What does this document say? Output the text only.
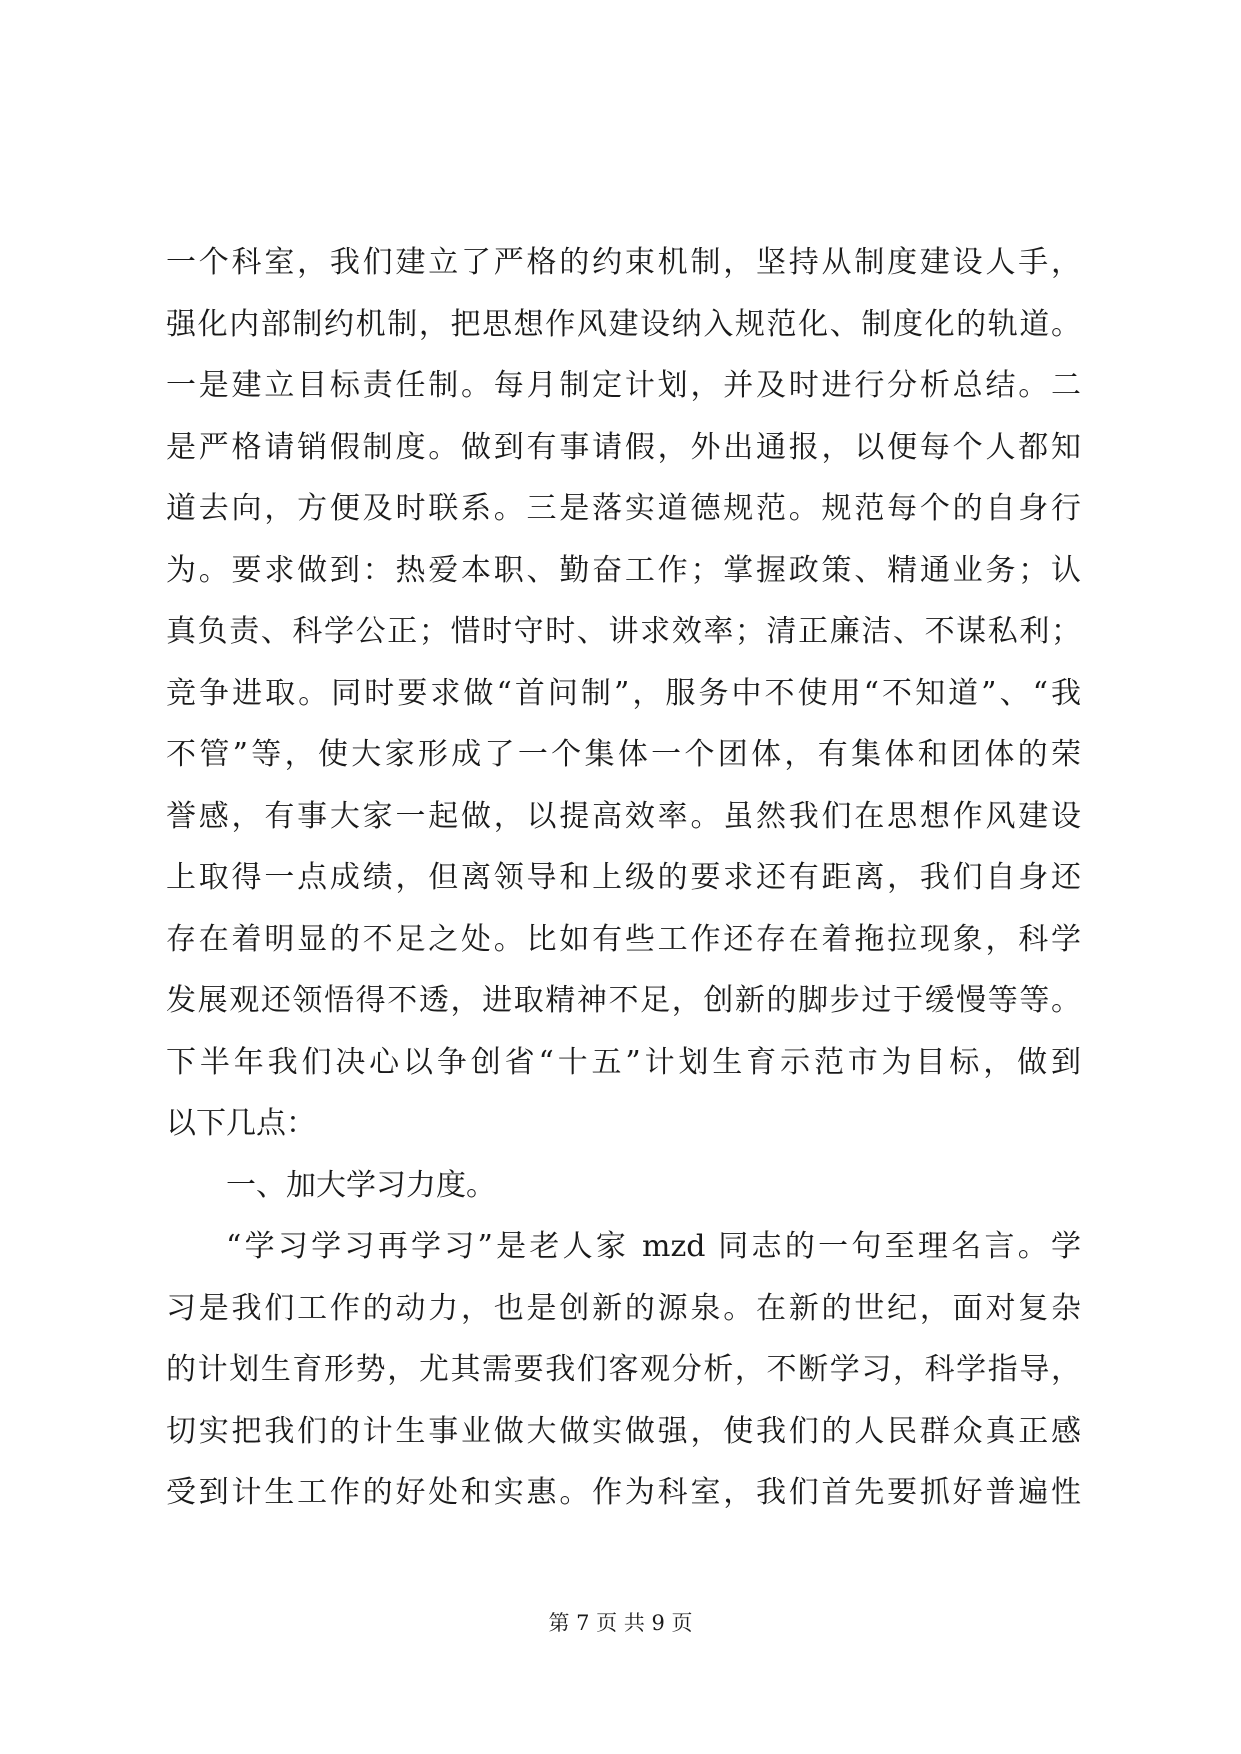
一个科室，我们建立了严格的约束机制，坚持从制度建设人手，
强化内部制约机制，把思想作风建设纳入规范化、制度化的轨道。
一是建立目标责任制。每月制定计划，并及时进行分析总结。二
是严格请销假制度。做到有事请假，外出通报，以便每个人都知
道去向，方便及时联系。三是落实道德规范。规范每个的自身行
为。要求做到：热爱本职、勤奋工作；掌握政策、精通业务；认
真负责、科学公正；惜时守时、讲求效率；清正廉洁、不谋私利；
竞争进取。同时要求做“首问制”，服务中不使用“不知道”、“我
不管”等，使大家形成了一个集体一个团体，有集体和团体的荣
誉感，有事大家一起做，以提高效率。虽然我们在思想作风建设
上取得一点成绩，但离领导和上级的要求还有距离，我们自身还
存在着明显的不足之处。比如有些工作还存在着拖拉现象，科学
发展观还领悟得不透，进取精神不足，创新的脚步过于缓慢等等。
下半年我们决心以争创省“十五”计划生育示范市为目标，做到
以下几点：
一、加大学习力度。
“学习学习再学习”是老人家 mzd 同志的一句至理名言。学
习是我们工作的动力，也是创新的源泉。在新的世纪，面对复杂
的计划生育形势，尤其需要我们客观分析，不断学习，科学指导，
切实把我们的计生事业做大做实做强，使我们的人民群众真正感
受到计生工作的好处和实惠。作为科室，我们首先要抓好普遍性
第 7 页 共 9 页
